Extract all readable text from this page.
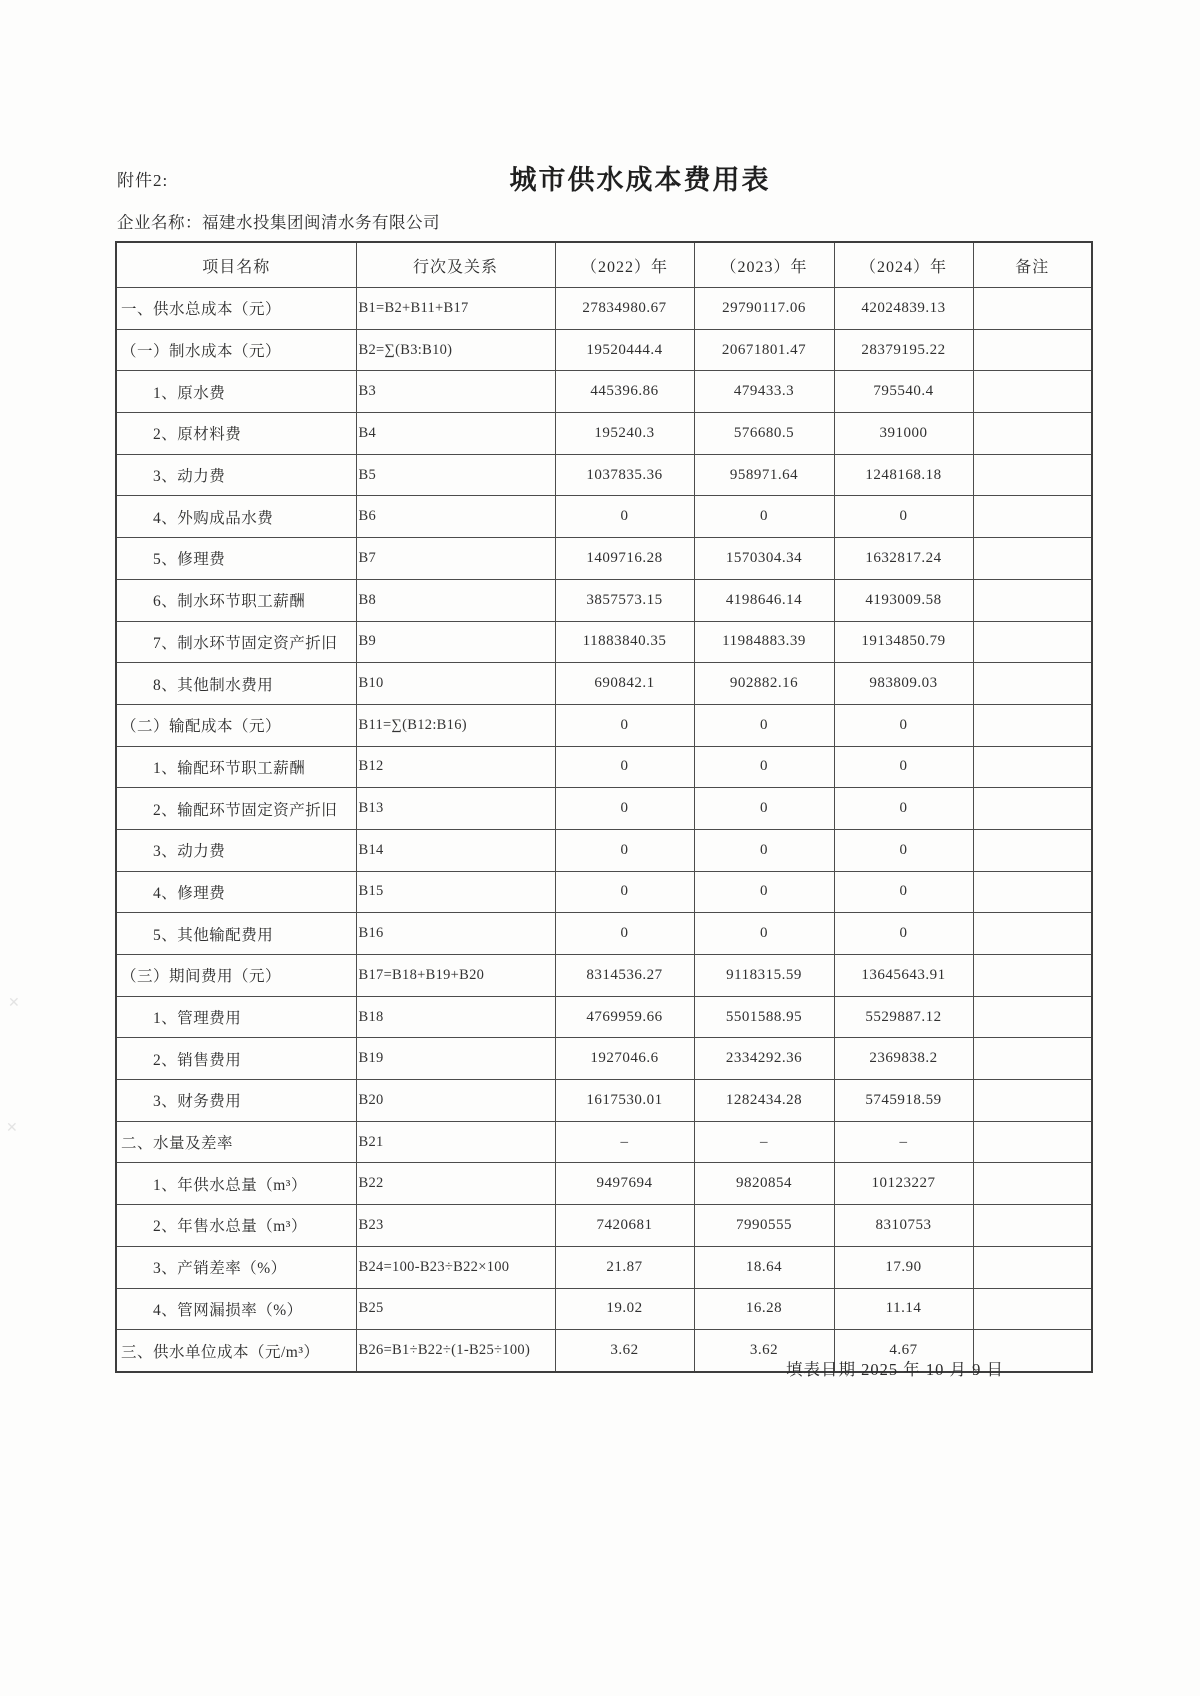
附件2:	城市供水成本费用表
企业名称：福建水投集团闽清水务有限公司
项目名称	行次及关系	（2022）年	（2023）年	（2024）年	备注
一、供水总成本（元）	B1=B2+B11+B17	27834980.67	29790117.06	42024839.13	
（一）制水成本（元）	B2=∑(B3:B10)	19520444.4	20671801.47	28379195.22	
1、原水费	B3	445396.86	479433.3	795540.4	
2、原材料费	B4	195240.3	576680.5	391000	
3、动力费	B5	1037835.36	958971.64	1248168.18	
4、外购成品水费	B6	0	0	0	
5、修理费	B7	1409716.28	1570304.34	1632817.24	
6、制水环节职工薪酬	B8	3857573.15	4198646.14	4193009.58	
7、制水环节固定资产折旧	B9	11883840.35	11984883.39	19134850.79	
8、其他制水费用	B10	690842.1	902882.16	983809.03	
（二）输配成本（元）	B11=∑(B12:B16)	0	0	0	
1、输配环节职工薪酬	B12	0	0	0	
2、输配环节固定资产折旧	B13	0	0	0	
3、动力费	B14	0	0	0	
4、修理费	B15	0	0	0	
5、其他输配费用	B16	0	0	0	
（三）期间费用（元）	B17=B18+B19+B20	8314536.27	9118315.59	13645643.91	
1、管理费用	B18	4769959.66	5501588.95	5529887.12	
2、销售费用	B19	1927046.6	2334292.36	2369838.2	
3、财务费用	B20	1617530.01	1282434.28	5745918.59	
二、水量及差率	B21	–	–	–	
1、年供水总量（m³）	B22	9497694	9820854	10123227	
2、年售水总量（m³）	B23	7420681	7990555	8310753	
3、产销差率（%）	B24=100-B23÷B22×100	21.87	18.64	17.90	
4、管网漏损率（%）	B25	19.02	16.28	11.14	
三、供水单位成本（元/m³）	B26=B1÷B22÷(1-B25÷100)	3.62	3.62	4.67	
填表日期 2025 年 10 月 9 日
✕
✕
